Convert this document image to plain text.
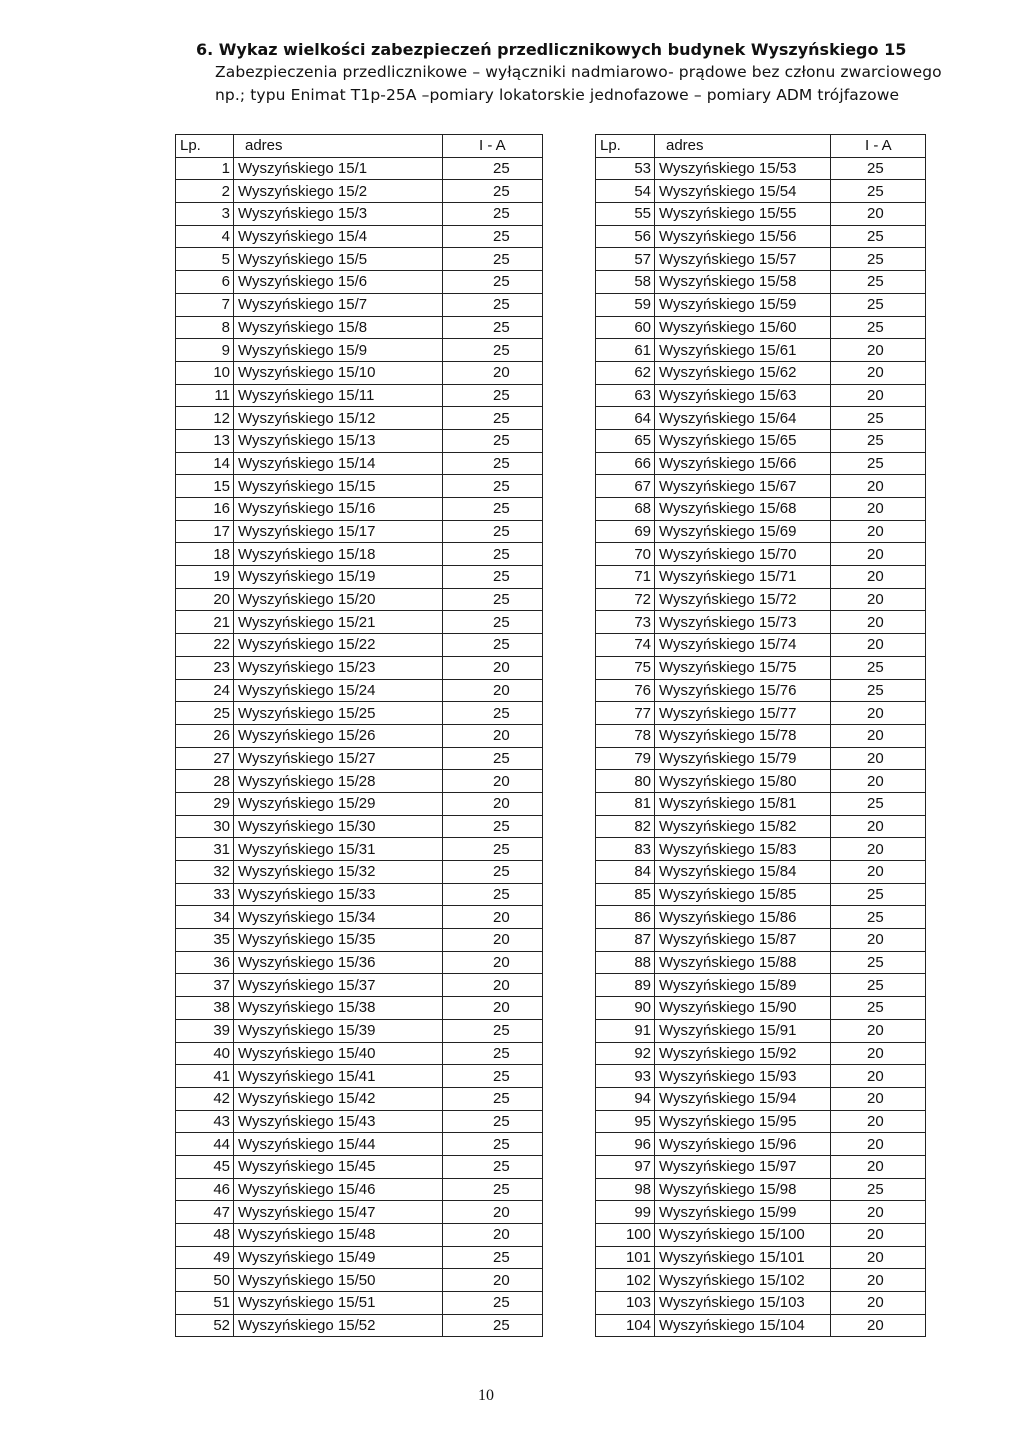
6. Wykaz wielkości zabezpieczeń przedlicznikowych budynek Wyszyńskiego 15

Zabezpieczenia przedlicznikowe – wyłączniki nadmiarowo- prądowe bez członu zwarciowego

np.; typu Enimat T1p-25A –pomiary lokatorskie jednofazowe – pomiary ADM trójfazowe

Lp.	adres	I - A
1	Wyszyńskiego 15/1	25
2	Wyszyńskiego 15/2	25
3	Wyszyńskiego 15/3	25
4	Wyszyńskiego 15/4	25
5	Wyszyńskiego 15/5	25
6	Wyszyńskiego 15/6	25
7	Wyszyńskiego 15/7	25
8	Wyszyńskiego 15/8	25
9	Wyszyńskiego 15/9	25
10	Wyszyńskiego 15/10	20
11	Wyszyńskiego 15/11	25
12	Wyszyńskiego 15/12	25
13	Wyszyńskiego 15/13	25
14	Wyszyńskiego 15/14	25
15	Wyszyńskiego 15/15	25
16	Wyszyńskiego 15/16	25
17	Wyszyńskiego 15/17	25
18	Wyszyńskiego 15/18	25
19	Wyszyńskiego 15/19	25
20	Wyszyńskiego 15/20	25
21	Wyszyńskiego 15/21	25
22	Wyszyńskiego 15/22	25
23	Wyszyńskiego 15/23	20
24	Wyszyńskiego 15/24	20
25	Wyszyńskiego 15/25	25
26	Wyszyńskiego 15/26	20
27	Wyszyńskiego 15/27	25
28	Wyszyńskiego 15/28	20
29	Wyszyńskiego 15/29	20
30	Wyszyńskiego 15/30	25
31	Wyszyńskiego 15/31	25
32	Wyszyńskiego 15/32	25
33	Wyszyńskiego 15/33	25
34	Wyszyńskiego 15/34	20
35	Wyszyńskiego 15/35	20
36	Wyszyńskiego 15/36	20
37	Wyszyńskiego 15/37	20
38	Wyszyńskiego 15/38	20
39	Wyszyńskiego 15/39	25
40	Wyszyńskiego 15/40	25
41	Wyszyńskiego 15/41	25
42	Wyszyńskiego 15/42	25
43	Wyszyńskiego 15/43	25
44	Wyszyńskiego 15/44	25
45	Wyszyńskiego 15/45	25
46	Wyszyńskiego 15/46	25
47	Wyszyńskiego 15/47	20
48	Wyszyńskiego 15/48	20
49	Wyszyńskiego 15/49	25
50	Wyszyńskiego 15/50	20
51	Wyszyńskiego 15/51	25
52	Wyszyńskiego 15/52	25
Lp.	adres	I - A
53	Wyszyńskiego 15/53	25
54	Wyszyńskiego 15/54	25
55	Wyszyńskiego 15/55	20
56	Wyszyńskiego 15/56	25
57	Wyszyńskiego 15/57	25
58	Wyszyńskiego 15/58	25
59	Wyszyńskiego 15/59	25
60	Wyszyńskiego 15/60	25
61	Wyszyńskiego 15/61	20
62	Wyszyńskiego 15/62	20
63	Wyszyńskiego 15/63	20
64	Wyszyńskiego 15/64	25
65	Wyszyńskiego 15/65	25
66	Wyszyńskiego 15/66	25
67	Wyszyńskiego 15/67	20
68	Wyszyńskiego 15/68	20
69	Wyszyńskiego 15/69	20
70	Wyszyńskiego 15/70	20
71	Wyszyńskiego 15/71	20
72	Wyszyńskiego 15/72	20
73	Wyszyńskiego 15/73	20
74	Wyszyńskiego 15/74	20
75	Wyszyńskiego 15/75	25
76	Wyszyńskiego 15/76	25
77	Wyszyńskiego 15/77	20
78	Wyszyńskiego 15/78	20
79	Wyszyńskiego 15/79	20
80	Wyszyńskiego 15/80	20
81	Wyszyńskiego 15/81	25
82	Wyszyńskiego 15/82	20
83	Wyszyńskiego 15/83	20
84	Wyszyńskiego 15/84	20
85	Wyszyńskiego 15/85	25
86	Wyszyńskiego 15/86	25
87	Wyszyńskiego 15/87	20
88	Wyszyńskiego 15/88	25
89	Wyszyńskiego 15/89	25
90	Wyszyńskiego 15/90	25
91	Wyszyńskiego 15/91	20
92	Wyszyńskiego 15/92	20
93	Wyszyńskiego 15/93	20
94	Wyszyńskiego 15/94	20
95	Wyszyńskiego 15/95	20
96	Wyszyńskiego 15/96	20
97	Wyszyńskiego 15/97	20
98	Wyszyńskiego 15/98	25
99	Wyszyńskiego 15/99	20
100	Wyszyńskiego 15/100	20
101	Wyszyńskiego 15/101	20
102	Wyszyńskiego 15/102	20
103	Wyszyńskiego 15/103	20
104	Wyszyńskiego 15/104	20
10
